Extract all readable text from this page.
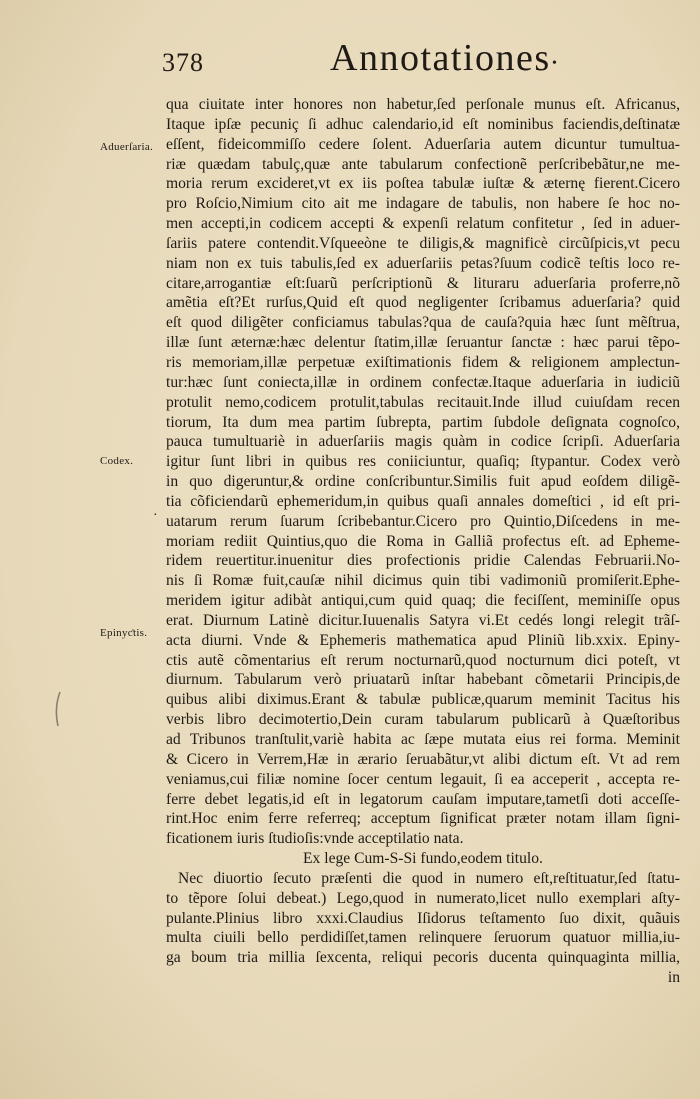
378	Annotationes •
Aduerſaria.
Codex.
Epinyƈtis.
·
qua ciuitate inter honores non habetur,ſed perſonale munus eſt. Africanus,
Itaque ipſæ pecuniç ſi adhuc calendario,id eſt nominibus faciendis,deſtinatæ
eſſent, fideicommiſſo cedere ſolent. Aduerſaria autem dicuntur tumultua-
riæ quædam tabulç,quæ ante tabularum confectionẽ perſcribebãtur,ne me-
moria rerum excideret,vt ex iis poſtea tabulæ iuſtæ & æternę fierent.Cicero
pro Roſcio,Nimium cito ait me indagare de tabulis, non habere ſe hoc no-
men accepti,in codicem accepti & expenſi relatum confitetur , ſed in aduer-
ſariis patere contendit.Vſqueeòne te diligis,& magnificè circũſpicis,vt pecu
niam non ex tuis tabulis,ſed ex aduerſariis petas?ſuum codicẽ teſtis loco re-
citare,arrogantiæ eſt:ſuarũ perſcriptionũ & lituraru aduerſaria proferre,nõ
amẽtia eſt?Et rurſus,Quid eſt quod negligenter ſcribamus aduerſaria? quid
eſt quod diligẽter conficiamus tabulas?qua de cauſa?quia hæc ſunt mẽſtrua,
illæ ſunt æternæ:hæc delentur ſtatim,illæ ſeruantur ſanctæ : hæc parui tẽpo-
ris memoriam,illæ perpetuæ exiſtimationis fidem & religionem amplectun-
tur:hæc ſunt coniecta,illæ in ordinem confectæ.Itaque aduerſaria in iudiciũ
protulit nemo,codicem protulit,tabulas recitauit.Inde illud cuiuſdam recen
tiorum, Ita dum mea partim ſubrepta, partim ſubdole deſignata cognoſco,
pauca tumultuariè in aduerſariis magis quàm in codice ſcripſi. Aduerſaria
igitur ſunt libri in quibus res coniiciuntur, quaſiq; ſtypantur. Codex verò
in quo digeruntur,& ordine conſcribuntur.Similis fuit apud eoſdem diligẽ-
tia cõficiendarũ ephemeridum,in quibus quaſi annales domeſtici , id eſt pri-
uatarum rerum ſuarum ſcribebantur.Cicero pro Quintio,Diſcedens in me-
moriam rediit Quintius,quo die Roma in Galliã profectus eſt. ad Epheme-
ridem reuertitur.inuenitur dies profectionis pridie Calendas Februarii.No-
nis ſi Romæ fuit,cauſæ nihil dicimus quin tibi vadimoniũ promiſerit.Ephe-
meridem igitur adibàt antiqui,cum quid quaq; die feciſſent, meminiſſe opus
erat. Diurnum Latinè dicitur.Iuuenalis Satyra vi.Et cedés longi relegit trãſ-
acta diurni. Vnde & Ephemeris mathematica apud Pliniũ lib.xxix. Epiny-
ctis autẽ cõmentarius eſt rerum nocturnarũ,quod nocturnum dici poteſt, vt
diurnum. Tabularum verò priuatarũ inſtar habebant cõmetarii Principis,de
quibus alibi diximus.Erant & tabulæ publicæ,quarum meminit Tacitus his
verbis libro decimotertio,Dein curam tabularum publicarũ à Quæſtoribus
ad Tribunos tranſtulit,variè habita ac ſæpe mutata eius rei forma. Meminit
& Cicero in Verrem,Hæ in ærario ſeruabãtur,vt alibi dictum eſt. Vt ad rem
veniamus,cui filiæ nomine ſocer centum legauit, ſi ea acceperit , accepta re-
ferre debet legatis,id eſt in legatorum cauſam imputare,tametſi doti acceſſe-
rint.Hoc enim ferre referreq; acceptum ſignificat præter notam illam ſigni-
ficationem iuris ſtudioſis:vnde acceptilatio nata.
Ex lege Cum-S-Si fundo,eodem titulo.
Nec diuortio ſecuto præſenti die quod in numero eſt,reſtituatur,ſed ſtatu-
to tẽpore ſolui debeat.) Lego,quod in numerato,licet nullo exemplari aſty-
pulante.Plinius libro xxxi.Claudius Iſidorus teſtamento ſuo dixit, quãuis
multa ciuili bello perdidiſſet,tamen relinquere ſeruorum quatuor millia,iu-
ga boum tria millia ſexcenta, reliqui pecoris ducenta quinquaginta millia,
in
